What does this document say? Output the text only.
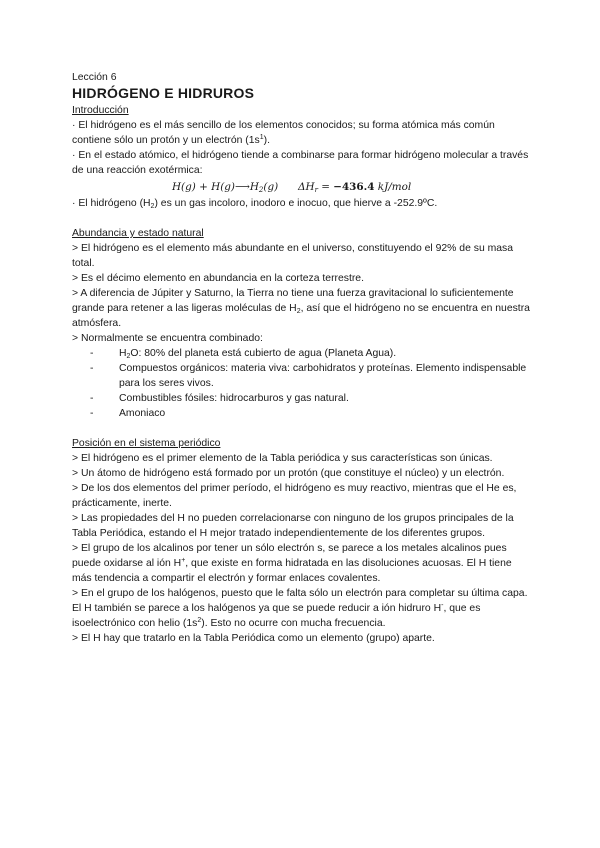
Lección 6

HIDRÓGENO E HIDRUROS

Introducción

· El hidrógeno es el más sencillo de los elementos conocidos; su forma atómica más común contiene sólo un protón y un electrón $(1s^1)$.

· En el estado atómico, el hidrógeno tiende a combinarse para formar hidrógeno molecular a través de una reacción exotérmica:

$H(g) + H(g)⟶H_2(g) \Delta H_r = -436.4$ kJ/mol

· El hidrógeno $(H_2)$ es un gas incoloro, inodoro e inocuo, que hierve a -252.9ºC.

Abundancia y estado natural

> El hidrógeno es el elemento más abundante en el universo, constituyendo el 92% de su masa total.

> Es el décimo elemento en abundancia en la corteza terrestre.

> A diferencia de Júpiter y Saturno, la Tierra no tiene una fuerza gravitacional lo suficientemente grande para retener a las ligeras moléculas de $H_2$, así que el hidrógeno no se encuentra en nuestra atmósfera.

> Normalmente se encuentra combinado:

- $H_2O$: 80% del planeta está cubierto de agua (Planeta Agua).
- Compuestos orgánicos: materia viva: carbohidratos y proteínas. Elemento indispensable para los seres vivos.
- Combustibles fósiles: hidrocarburos y gas natural.
- Amoniaco

Posición en el sistema periódico

> El hidrógeno es el primer elemento de la Tabla periódica y sus características son únicas.

> Un átomo de hidrógeno está formado por un protón (que constituye el núcleo) y un electrón.

> De los dos elementos del primer período, el hidrógeno es muy reactivo, mientras que el He es, prácticamente, inerte.

> Las propiedades del H no pueden correlacionarse con ninguno de los grupos principales de la Tabla Periódica, estando el H mejor tratado independientemente de los diferentes grupos.

> El grupo de los alcalinos por tener un sólo electrón s, se parece a los metales alcalinos pues puede oxidarse al ión H+, que existe en forma hidratada en las disoluciones acuosas. El H tiene más tendencia a compartir el electrón y formar enlaces covalentes.

> En el grupo de los halógenos, puesto que le falta sólo un electrón para completar su última capa. El H también se parece a los halógenos ya que se puede reducir a ión hidruro H-, que es isoelectrónico con helio $(1s^2)$. Esto no ocurre con mucha frecuencia.

> El H hay que tratarlo en la Tabla Periódica como un elemento (grupo) aparte.
